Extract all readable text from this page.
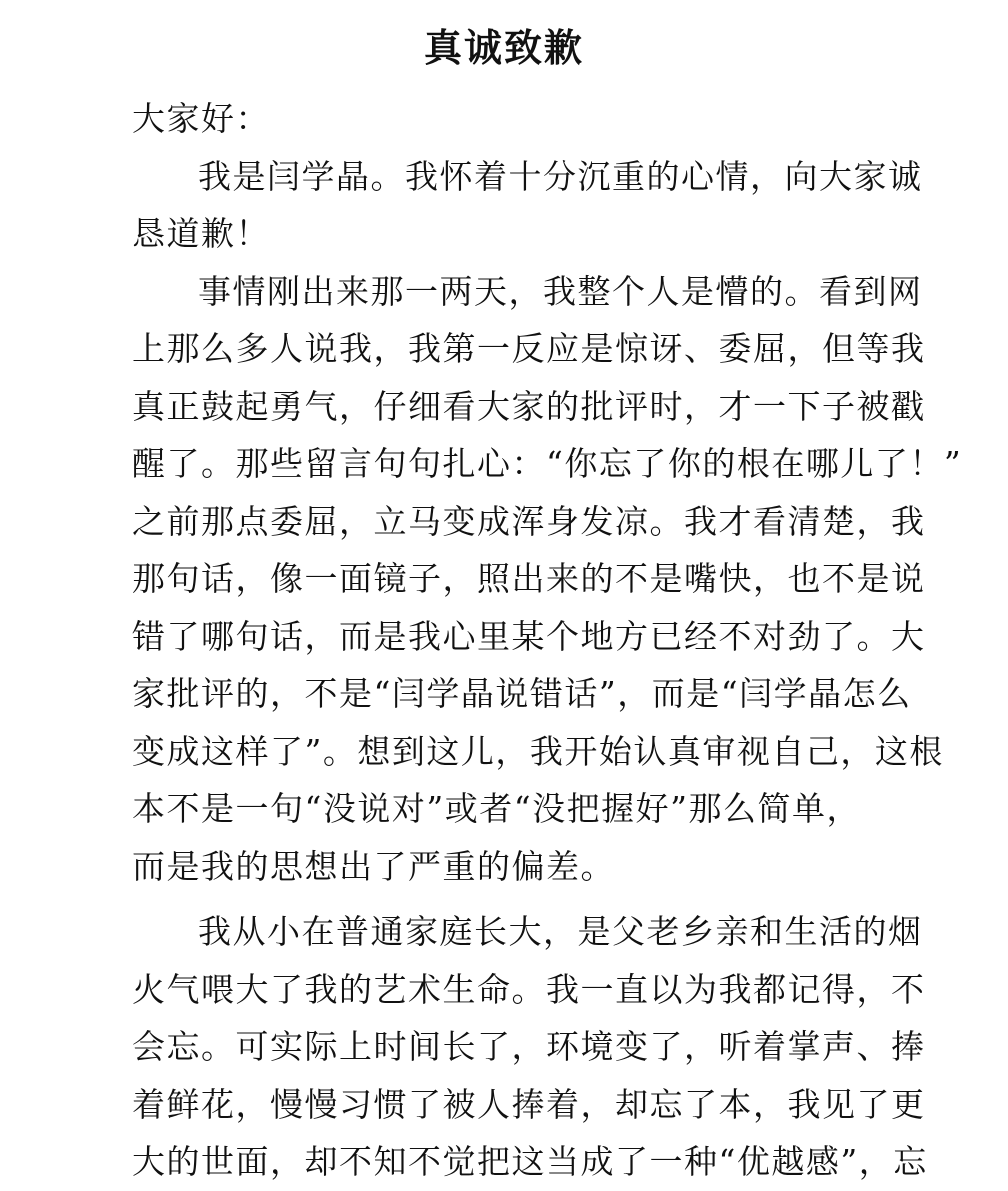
真诚致歉
大家好：
我是闫学晶。我怀着十分沉重的心情，向大家诚
恳道歉！
事情刚出来那一两天，我整个人是懵的。看到网
上那么多人说我，我第一反应是惊讶、委屈，但等我
真正鼓起勇气，仔细看大家的批评时，才一下子被戳
醒了。那些留言句句扎心：“你忘了你的根在哪儿了！”
之前那点委屈，立马变成浑身发凉。我才看清楚，我
那句话，像一面镜子，照出来的不是嘴快，也不是说
错了哪句话，而是我心里某个地方已经不对劲了。大
家批评的，不是“闫学晶说错话”，而是“闫学晶怎么
变成这样了”。想到这儿，我开始认真审视自己，这根
本不是一句“没说对”或者“没把握好”那么简单，
而是我的思想出了严重的偏差。
我从小在普通家庭长大，是父老乡亲和生活的烟
火气喂大了我的艺术生命。我一直以为我都记得，不
会忘。可实际上时间长了，环境变了，听着掌声、捧
着鲜花，慢慢习惯了被人捧着，却忘了本，我见了更
大的世面，却不知不觉把这当成了一种“优越感”，忘
